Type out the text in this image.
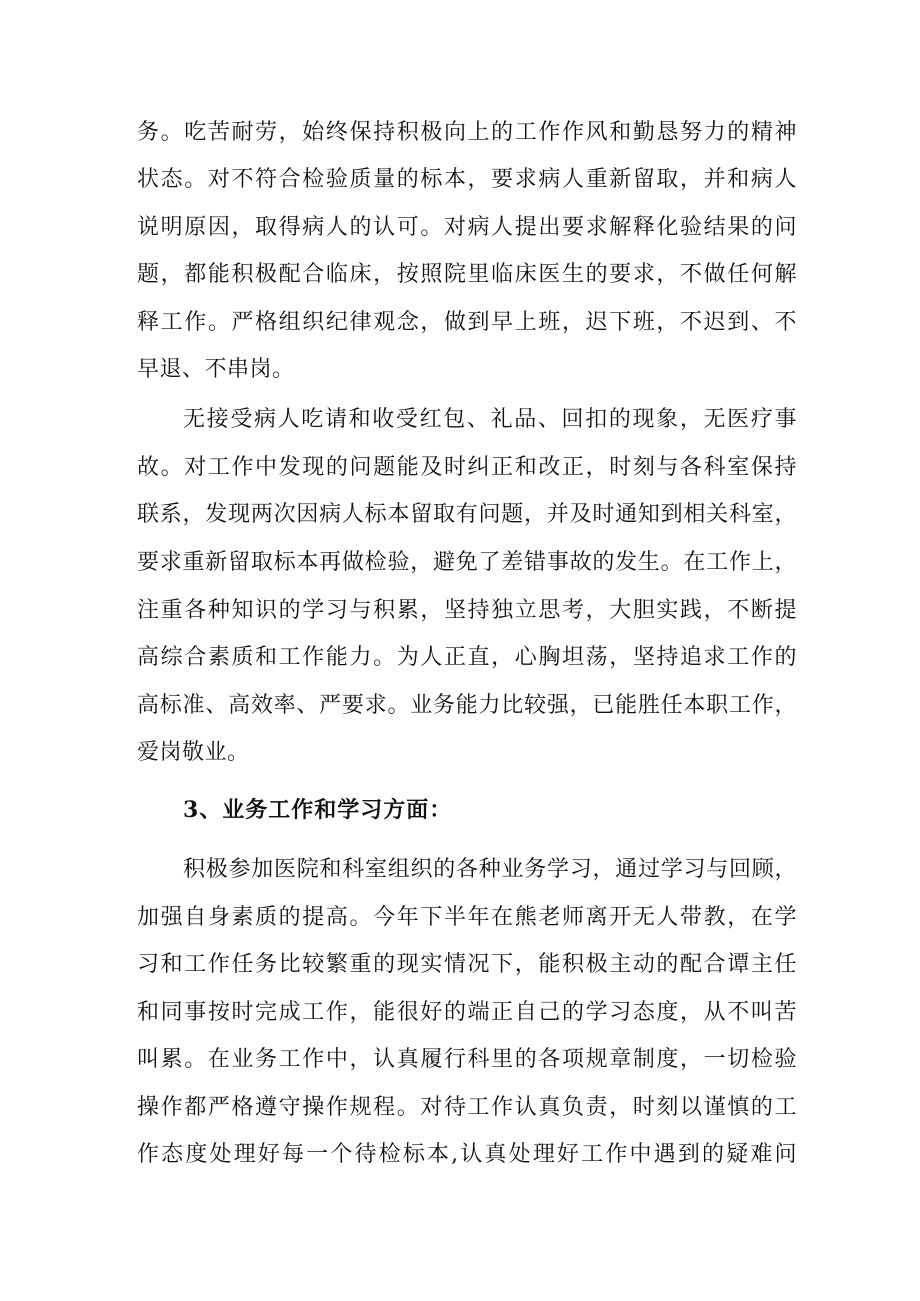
务。吃苦耐劳，始终保持积极向上的工作作风和勤恳努力的精神
状态。对不符合检验质量的标本，要求病人重新留取，并和病人
说明原因，取得病人的认可。对病人提出要求解释化验结果的问
题，都能积极配合临床，按照院里临床医生的要求，不做任何解
释工作。严格组织纪律观念，做到早上班，迟下班，不迟到、不
早退、不串岗。
无接受病人吃请和收受红包、礼品、回扣的现象，无医疗事
故。对工作中发现的问题能及时纠正和改正，时刻与各科室保持
联系，发现两次因病人标本留取有问题，并及时通知到相关科室，
要求重新留取标本再做检验，避免了差错事故的发生。在工作上，
注重各种知识的学习与积累，坚持独立思考，大胆实践，不断提
高综合素质和工作能力。为人正直，心胸坦荡，坚持追求工作的
高标准、高效率、严要求。业务能力比较强，已能胜任本职工作，
爱岗敬业。
3、业务工作和学习方面：
积极参加医院和科室组织的各种业务学习，通过学习与回顾，
加强自身素质的提高。今年下半年在熊老师离开无人带教，在学
习和工作任务比较繁重的现实情况下，能积极主动的配合谭主任
和同事按时完成工作，能很好的端正自己的学习态度，从不叫苦
叫累。在业务工作中，认真履行科里的各项规章制度，一切检验
操作都严格遵守操作规程。对待工作认真负责，时刻以谨慎的工
作态度处理好每一个待检标本,认真处理好工作中遇到的疑难问
